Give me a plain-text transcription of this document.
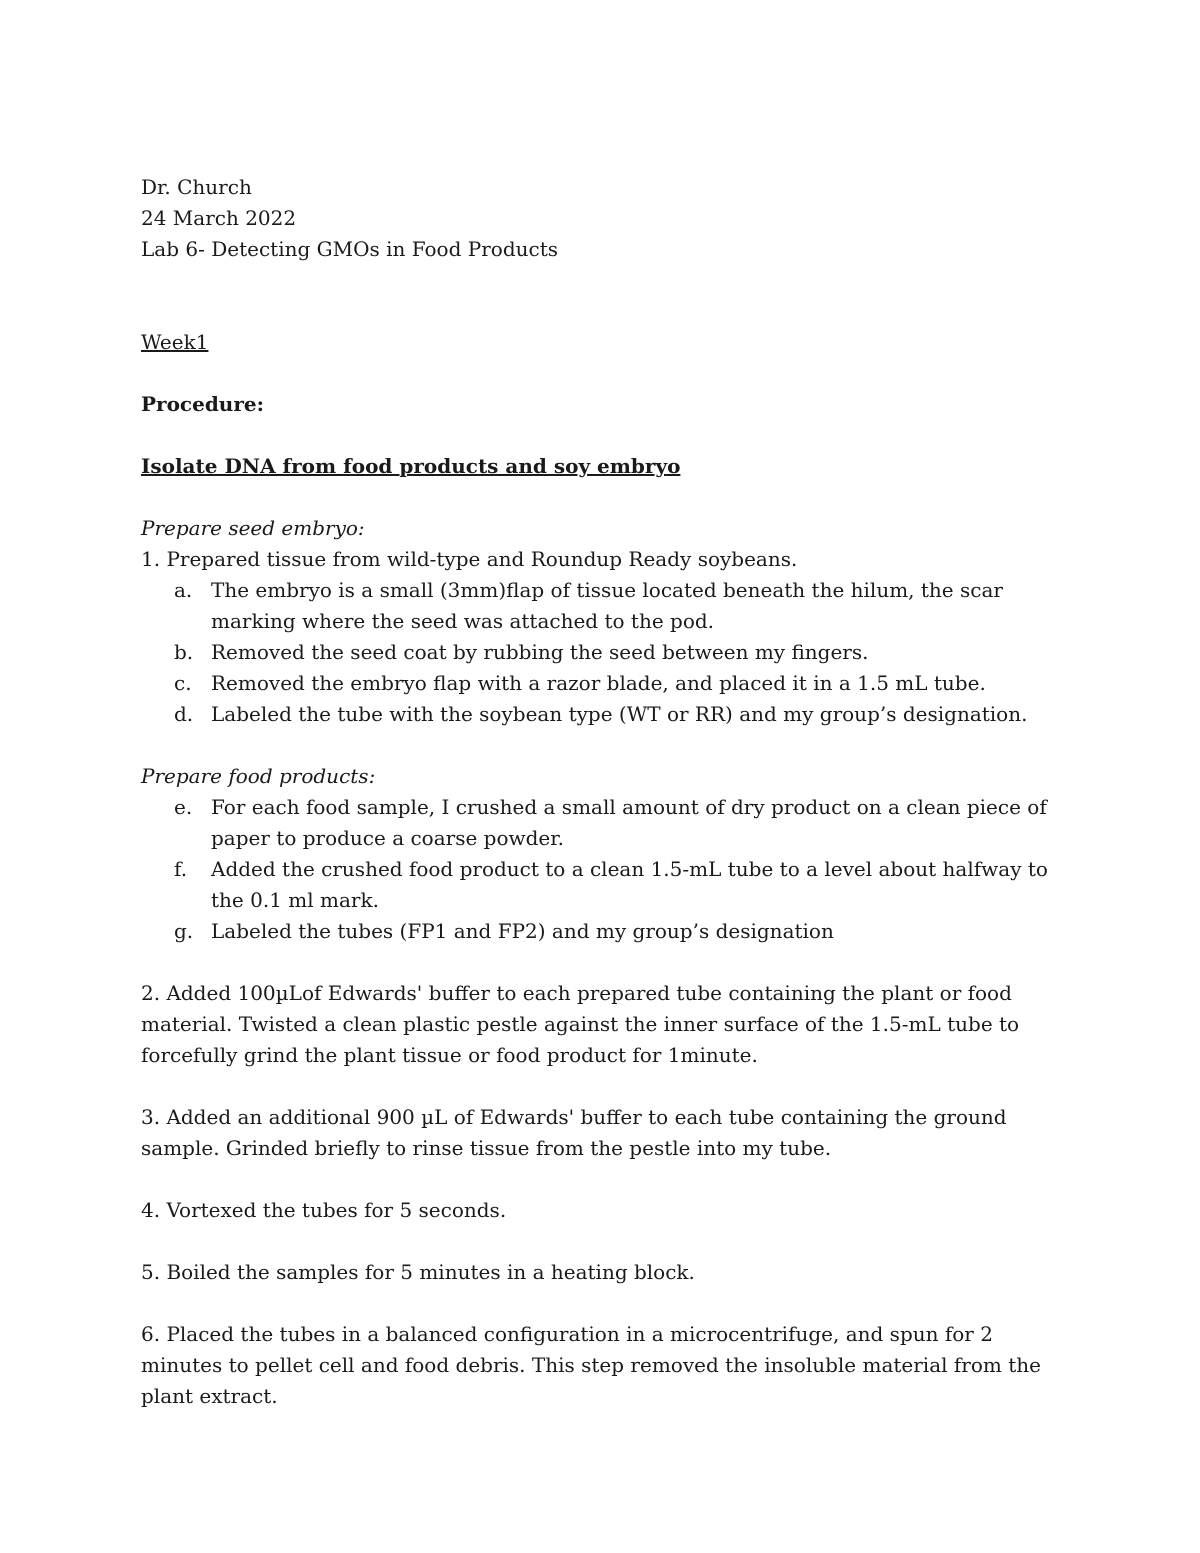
Dr. Church
24 March 2022
Lab 6- Detecting GMOs in Food Products
Week1
Procedure:
Isolate DNA from food products and soy embryo
Prepare seed embryo:
1. Prepared tissue from wild-type and Roundup Ready soybeans.
a. The embryo is a small (3mm)flap of tissue located beneath the hilum, the scar marking where the seed was attached to the pod.
b. Removed the seed coat by rubbing the seed between my fingers.
c. Removed the embryo flap with a razor blade, and placed it in a 1.5 mL tube.
d. Labeled the tube with the soybean type (WT or RR) and my group’s designation.
Prepare food products:
e. For each food sample, I crushed a small amount of dry product on a clean piece of paper to produce a coarse powder.
f.	Added the crushed food product to a clean 1.5-mL tube to a level about halfway to the 0.1 ml mark.
g. Labeled the tubes (FP1 and FP2) and my group’s designation
2. Added 100µLof Edwards' buffer to each prepared tube containing the plant or food material. Twisted a clean plastic pestle against the inner surface of the 1.5-mL tube to forcefully grind the plant tissue or food product for 1minute.
3. Added an additional 900 µL of Edwards' buffer to each tube containing the ground sample. Grinded briefly to rinse tissue from the pestle into my tube.
4. Vortexed the tubes for 5 seconds.
5. Boiled the samples for 5 minutes in a heating block.
6. Placed the tubes in a balanced configuration in a microcentrifuge, and spun for 2 minutes to pellet cell and food debris. This step removed the insoluble material from the plant extract.
